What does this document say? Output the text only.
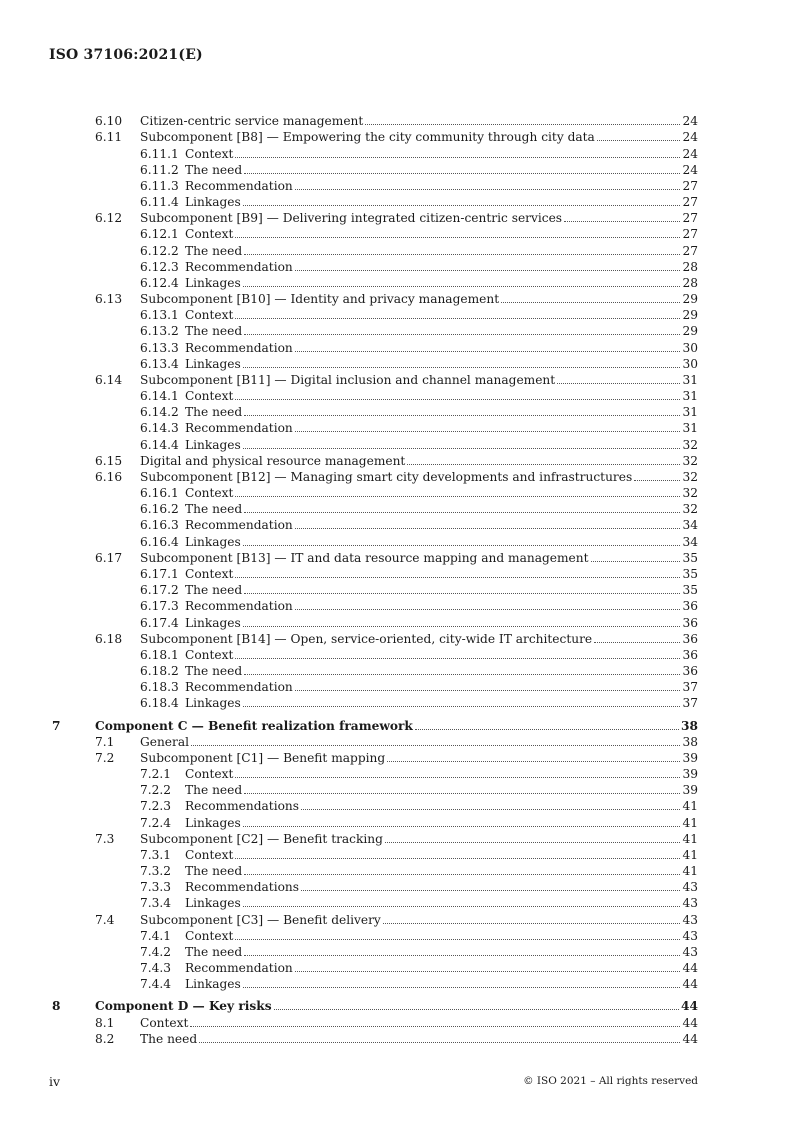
ISO 37106:2021(E)
6.10 Citizen-centric service management	24
6.11 Subcomponent [B8] — Empowering the city community through city data	24
6.11.1 Context	24
6.11.2 The need	24
6.11.3 Recommendation	27
6.11.4 Linkages	27
6.12 Subcomponent [B9] — Delivering integrated citizen-centric services	27
6.12.1 Context	27
6.12.2 The need	27
6.12.3 Recommendation	28
6.12.4 Linkages	28
6.13 Subcomponent [B10] — Identity and privacy management	29
6.13.1 Context	29
6.13.2 The need	29
6.13.3 Recommendation	30
6.13.4 Linkages	30
6.14 Subcomponent [B11] — Digital inclusion and channel management	31
6.14.1 Context	31
6.14.2 The need	31
6.14.3 Recommendation	31
6.14.4 Linkages	32
6.15 Digital and physical resource management	32
6.16 Subcomponent [B12] — Managing smart city developments and infrastructures	32
6.16.1 Context	32
6.16.2 The need	32
6.16.3 Recommendation	34
6.16.4 Linkages	34
6.17 Subcomponent [B13] — IT and data resource mapping and management	35
6.17.1 Context	35
6.17.2 The need	35
6.17.3 Recommendation	36
6.17.4 Linkages	36
6.18 Subcomponent [B14] — Open, service-oriented, city-wide IT architecture	36
6.18.1 Context	36
6.18.2 The need	36
6.18.3 Recommendation	37
6.18.4 Linkages	37
7	Component C — Benefit realization framework	38
7.1 General	38
7.2 Subcomponent [C1] — Benefit mapping	39
7.2.1 Context	39
7.2.2 The need	39
7.2.3 Recommendations	41
7.2.4 Linkages	41
7.3 Subcomponent [C2] — Benefit tracking	41
7.3.1 Context	41
7.3.2 The need	41
7.3.3 Recommendations	43
7.3.4 Linkages	43
7.4 Subcomponent [C3] — Benefit delivery	43
7.4.1 Context	43
7.4.2 The need	43
7.4.3 Recommendation	44
7.4.4 Linkages	44
8	Component D — Key risks	44
8.1 Context	44
8.2 The need	44
iv	© ISO 2021 – All rights reserved
